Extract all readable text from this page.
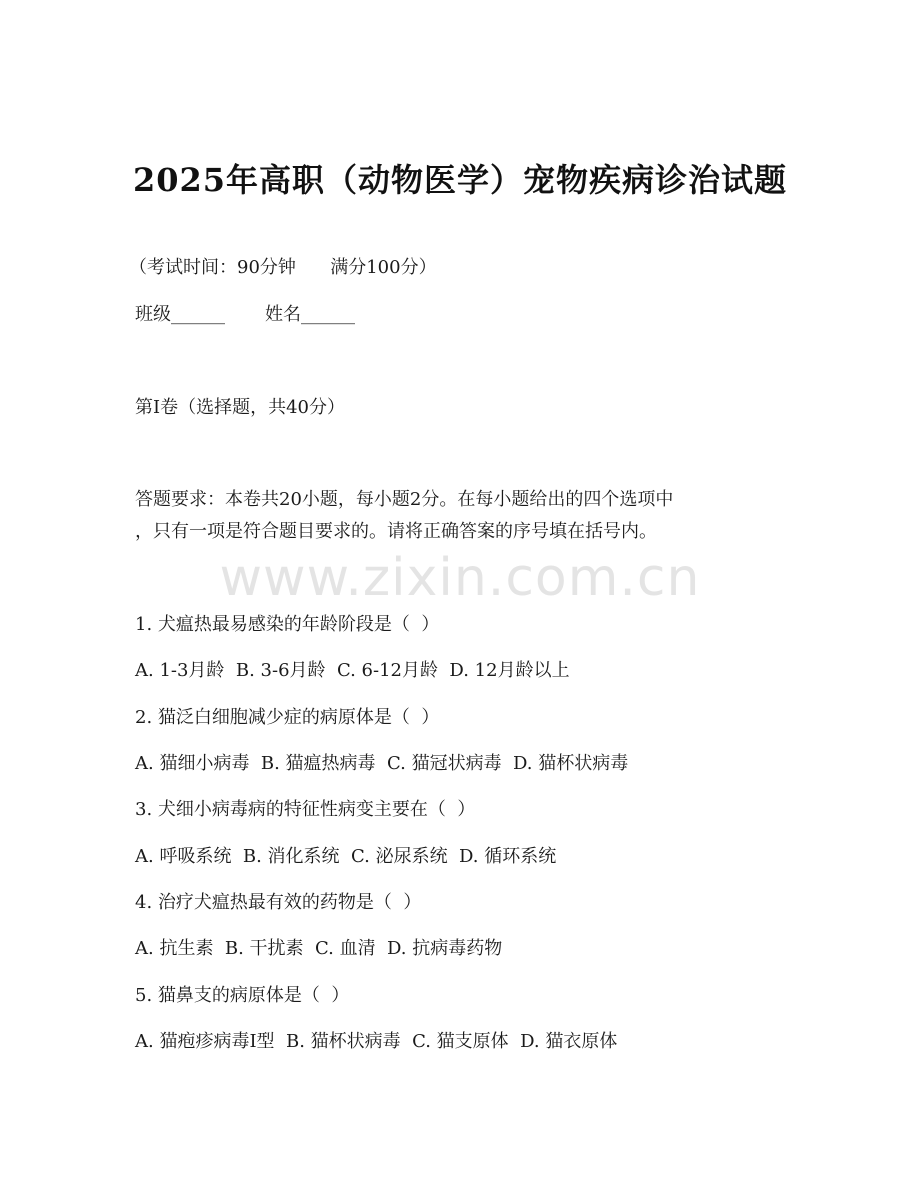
www.zixin.com.cn
2025年高职（动物医学）宠物疾病诊治试题
（考试时间：90分钟      满分100分）
班级______       姓名______
第I卷（选择题，共40分）
答题要求：本卷共20小题，每小题2分。在每小题给出的四个选项中
，只有一项是符合题目要求的。请将正确答案的序号填在括号内。
1. 犬瘟热最易感染的年龄阶段是（  ）
A. 1-3月龄  B. 3-6月龄  C. 6-12月龄  D. 12月龄以上
2. 猫泛白细胞减少症的病原体是（  ）
A. 猫细小病毒  B. 猫瘟热病毒  C. 猫冠状病毒  D. 猫杯状病毒
3. 犬细小病毒病的特征性病变主要在（  ）
A. 呼吸系统  B. 消化系统  C. 泌尿系统  D. 循环系统
4. 治疗犬瘟热最有效的药物是（  ）
A. 抗生素  B. 干扰素  C. 血清  D. 抗病毒药物
5. 猫鼻支的病原体是（  ）
A. 猫疱疹病毒I型  B. 猫杯状病毒  C. 猫支原体  D. 猫衣原体
